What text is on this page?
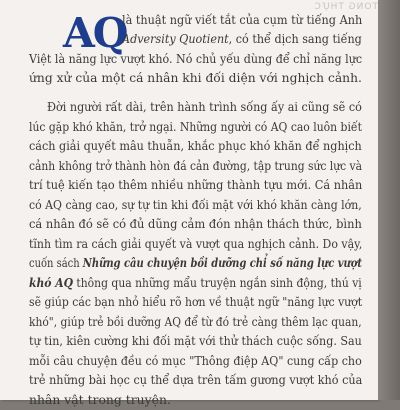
TỔNG THỰC
AQ
là thuật ngữ viết tắt của cụm từ tiếng Anh
Adversity Quotient, có thể dịch sang tiếng
Việt là năng lực vượt khó. Nó chủ yếu dùng để chỉ năng lực
ứng xử của một cá nhân khi đối diện với nghịch cảnh.
Đời người rất dài, trên hành trình sống ấy ai cũng sẽ có
lúc gặp khó khăn, trở ngại. Những người có AQ cao luôn biết
cách giải quyết mâu thuẫn, khắc phục khó khăn để nghịch
cảnh không trở thành hòn đá cản đường, tập trung sức lực và
trí tuệ kiến tạo thêm nhiều những thành tựu mới. Cá nhân
có AQ càng cao, sự tự tin khi đối mặt với khó khăn càng lớn,
cá nhân đó sẽ có đủ dũng cảm đón nhận thách thức, bình
tĩnh tìm ra cách giải quyết và vượt qua nghịch cảnh. Do vậy,
cuốn sách Những câu chuyện bồi dưỡng chỉ số năng lực vượt
khó AQ thông qua những mẩu truyện ngắn sinh động, thú vị
sẽ giúp các bạn nhỏ hiểu rõ hơn về thuật ngữ "năng lực vượt
khó", giúp trẻ bồi dưỡng AQ để từ đó trẻ càng thêm lạc quan,
tự tin, kiên cường khi đối mặt với thử thách cuộc sống. Sau
mỗi câu chuyện đều có mục "Thông điệp AQ" cung cấp cho
trẻ những bài học cụ thể dựa trên tấm gương vượt khó của
nhân vật trong truyện.
